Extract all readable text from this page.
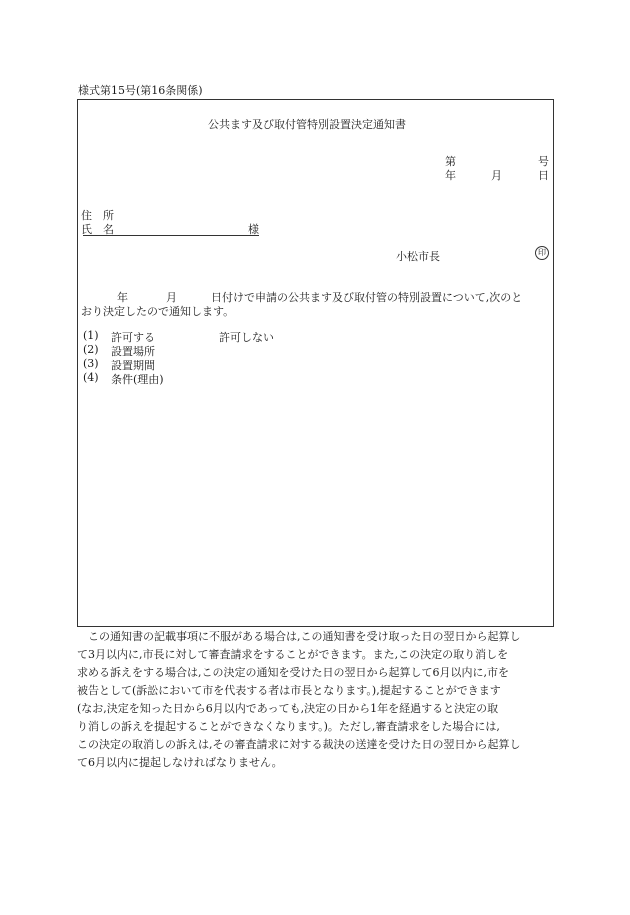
様式第15号(第16条関係)
公共ます及び取付管特別設置決定通知書
第	号
年	月	日
住　所
氏　名	様
小松市長	印
年	月	日付けで申請の公共ます及び取付管の特別設置について,次のと
おり決定したので通知します。
(1) 許可する	許可しない
(2) 設置場所
(3) 設置期間
(4) 条件(理由)
　この通知書の記載事項に不服がある場合は,この通知書を受け取った日の翌日から起算し
て3月以内に,市長に対して審査請求をすることができます。また,この決定の取り消しを
求める訴えをする場合は,この決定の通知を受けた日の翌日から起算して6月以内に,市を
被告として(訴訟において市を代表する者は市長となります。),提起することができます
(なお,決定を知った日から6月以内であっても,決定の日から1年を経過すると決定の取
り消しの訴えを提起することができなくなります。)。ただし,審査請求をした場合には,
この決定の取消しの訴えは,その審査請求に対する裁決の送達を受けた日の翌日から起算し
て6月以内に提起しなければなりません。
